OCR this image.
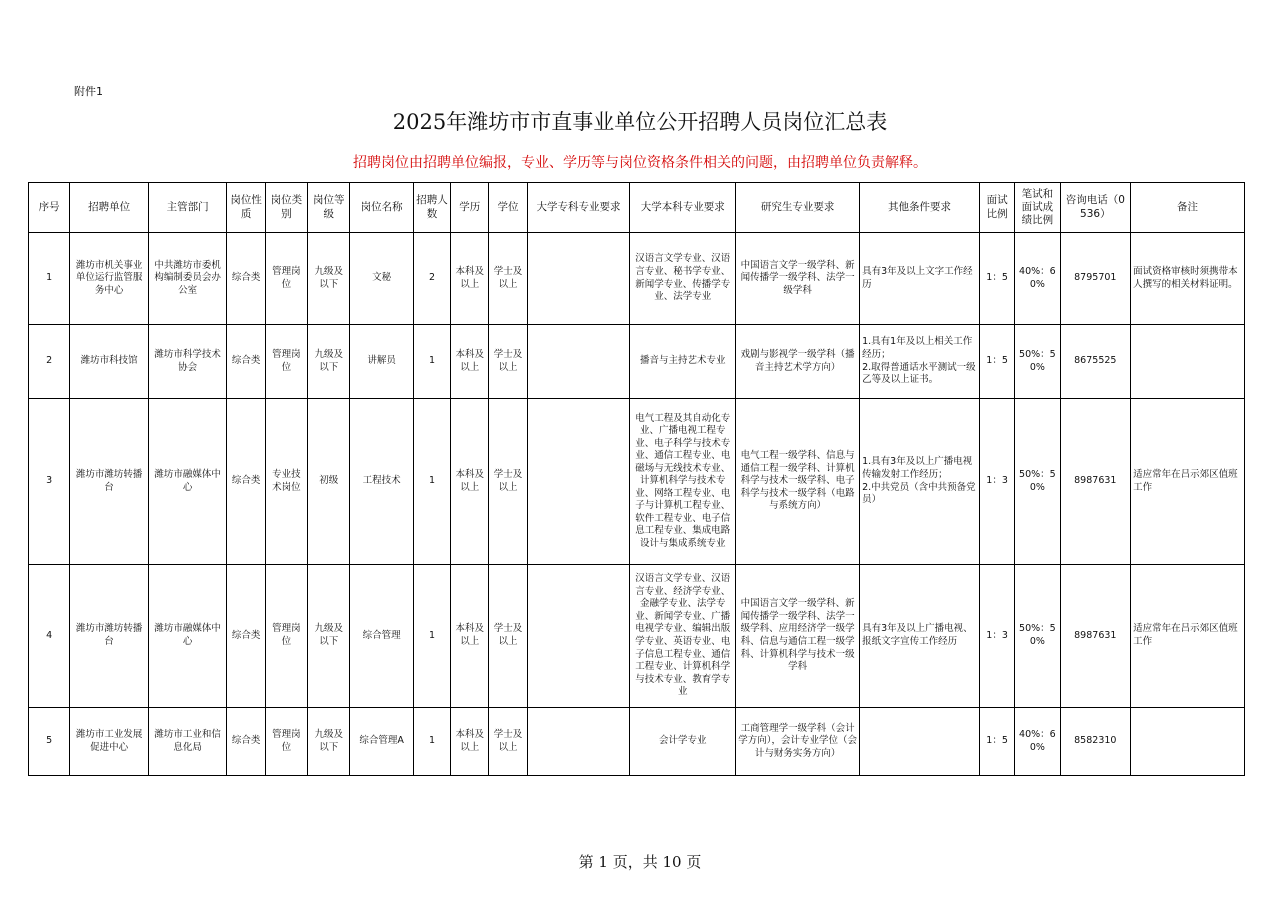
附件1
2025年潍坊市市直事业单位公开招聘人员岗位汇总表
招聘岗位由招聘单位编报，专业、学历等与岗位资格条件相关的问题，由招聘单位负责解释。
序号	招聘单位	主管部门	岗位性质	岗位类别	岗位等级	岗位名称	招聘人数	学历	学位	大学专科专业要求	大学本科专业要求	研究生专业要求	其他条件要求	面试比例	笔试和面试成绩比例	咨询电话（0536）	备注
1	潍坊市机关事业单位运行监管服务中心	中共潍坊市委机构编制委员会办公室	综合类	管理岗位	九级及以下	文秘	2	本科及以上	学士及以上		汉语言文学专业、汉语言专业、秘书学专业、新闻学专业、传播学专业、法学专业	中国语言文学一级学科、新闻传播学一级学科、法学一级学科	具有3年及以上文字工作经历	1：5	40%：60%	8795701	面试资格审核时须携带本人撰写的相关材料证明。
2	潍坊市科技馆	潍坊市科学技术协会	综合类	管理岗位	九级及以下	讲解员	1	本科及以上	学士及以上		播音与主持艺术专业	戏剧与影视学一级学科（播音主持艺术学方向）	1.具有1年及以上相关工作经历；
2.取得普通话水平测试一级乙等及以上证书。	1：5	50%：50%	8675525	
3	潍坊市潍坊转播台	潍坊市融媒体中心	综合类	专业技术岗位	初级	工程技术	1	本科及以上	学士及以上		电气工程及其自动化专业、广播电视工程专业、电子科学与技术专业、通信工程专业、电磁场与无线技术专业、计算机科学与技术专业、网络工程专业、电子与计算机工程专业、软件工程专业、电子信息工程专业、集成电路设计与集成系统专业	电气工程一级学科、信息与通信工程一级学科、计算机科学与技术一级学科、电子科学与技术一级学科（电路与系统方向）	1.具有3年及以上广播电视传输发射工作经历；
2.中共党员（含中共预备党员）	1：3	50%：50%	8987631	适应常年在吕示郊区值班工作
4	潍坊市潍坊转播台	潍坊市融媒体中心	综合类	管理岗位	九级及以下	综合管理	1	本科及以上	学士及以上		汉语言文学专业、汉语言专业、经济学专业、金融学专业、法学专业、新闻学专业、广播电视学专业、编辑出版学专业、英语专业、电子信息工程专业、通信工程专业、计算机科学与技术专业、教育学专业	中国语言文学一级学科、新闻传播学一级学科、法学一级学科、应用经济学一级学科、信息与通信工程一级学科、计算机科学与技术一级学科	具有3年及以上广播电视、报纸文字宣传工作经历	1：3	50%：50%	8987631	适应常年在吕示郊区值班工作
5	潍坊市工业发展促进中心	潍坊市工业和信息化局	综合类	管理岗位	九级及以下	综合管理A	1	本科及以上	学士及以上		会计学专业	工商管理学一级学科（会计学方向），会计专业学位（会计与财务实务方向）		1：5	40%：60%	8582310	
第 1 页，共 10 页
